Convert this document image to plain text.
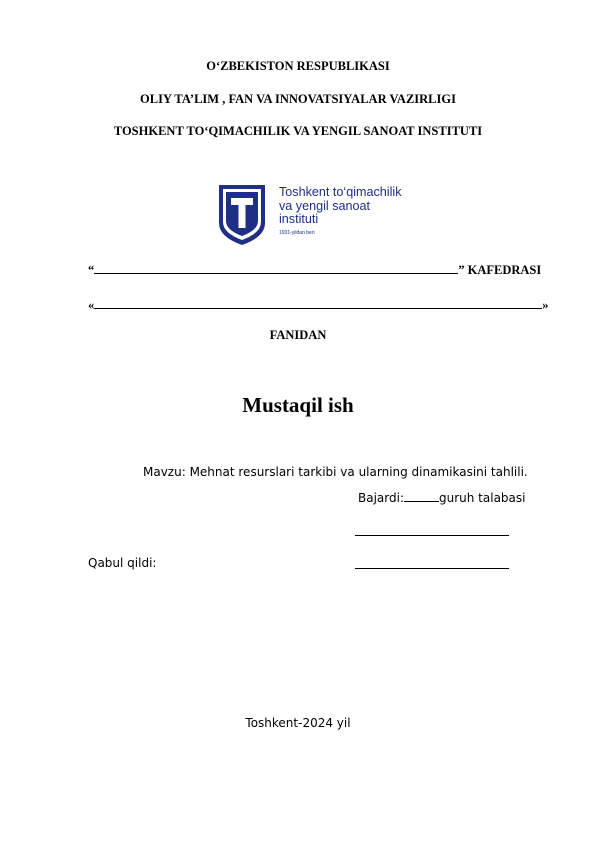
O‘ZBEKISTON RESPUBLIKASI
OLIY TA’LIM , FAN VA INNOVATSIYALAR VAZIRLIGI
TOSHKENT TO‘QIMACHILIK VA YENGIL SANOAT INSTITUTI
Toshkent to‘qimachilik
va yengil sanoat
instituti
1931-yildan beri
“	” KAFEDRASI
«	»
FANIDAN
Mustaqil ish
Mavzu: Mehnat resurslari tarkibi va ularning dinamikasini tahlili.
Bajardi:	guruh talabasi
Qabul qildi:
Toshkent-2024 yil
